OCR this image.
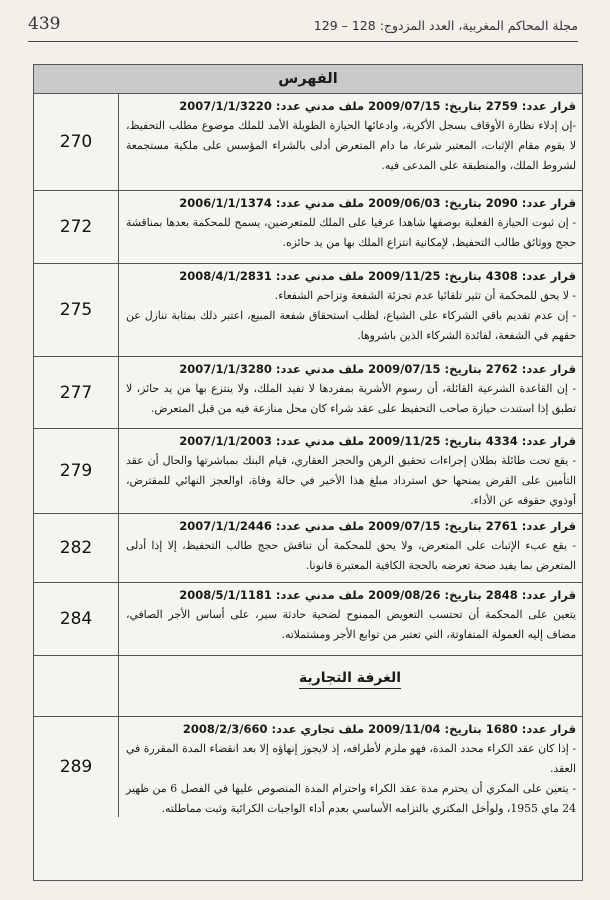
مجلة المحاكم المغربية، العدد المزدوج: 128 – 129
439
الفهرس
قرار عدد: 2759 بتاريخ: 2009/07/15 ملف مدني عدد: 2007/1/1/3220

-إن إدلاء نظارة الأوقاف بسجل الأكرية، وادعائها الحيازة الطويلة الأمد للملك موضوع مطلب التحفيظ، لا يقوم مقام الإثبات، المعتبر شرعا، ما دام المتعرض أدلى بالشراء المؤسس على ملكية مستجمعة لشروط الملك، والمنطبقة على المدعى فيه.

270
قرار عدد: 2090 بتاريخ: 2009/06/03 ملف مدني عدد: 2006/1/1/1374

- إن ثبوت الحيازة الفعلية بوصفها شاهدا عرفيا على الملك للمتعرضين، يسمح للمحكمة بعدها بمناقشة حجج ووثائق طالب التحفيظ، لإمكانية انتزاع الملك بها من يد حائزه.

272
قرار عدد: 4308 بتاريخ: 2009/11/25 ملف مدني عدد: 2008/4/1/2831

- لا يحق للمحكمة أن تثير تلقائيا عدم تجزئة الشفعة وتزاحم الشفعاء.

- إن عدم تقديم باقي الشركاء على الشياع، لطلب استحقاق شفعة المبيع، اعتبر ذلك بمثابة تنازل عن حقهم في الشفعة، لفائدة الشركاء الذين باشروها.

275
قرار عدد: 2762 بتاريخ: 2009/07/15 ملف مدني عدد: 2007/1/1/3280

- إن القاعدة الشرعية القائلة، أن رسوم الأشرية بمفردها لا تفيد الملك، ولا ينتزع بها من يد حائز، لا تطبق إذا استندت حيازة صاحب التحفيظ على عقد شراء كان محل منازعة فيه من قبل المتعرض.

277
قرار عدد: 4334 بتاريخ: 2009/11/25 ملف مدني عدد: 2007/1/1/2003

- يقع تحت طائلة بطلان إجراءات تحقيق الرهن والحجز العقاري، قيام البنك بمباشرتها والحال أن عقد التأمين على القرض يمنحها حق استرداد مبلغ هذا الأخير في حالة وفاة، اوالعجز النهائي للمقترض، أوذوي حقوقه عن الأداء.

279
قرار عدد: 2761 بتاريخ: 2009/07/15 ملف مدني عدد: 2007/1/1/2446

- يقع عبء الإثبات على المتعرض، ولا يحق للمحكمة أن تناقش حجج طالب التحفيظ، إلا إذا أدلى المتعرض بما يفيد صحة تعرضه بالحجة الكافية المعتبرة قانونا.

282
قرار عدد: 2848 بتاريخ: 2009/08/26 ملف مدني عدد: 2008/5/1/1181

يتعين على المحكمة أن تحتسب التعويض الممنوح لضحية حادثة سير، على أساس الأجر الصافي، مضاف إليه العمولة المتفاوتة، التي تعتبر من توابع الأجر ومشتملاته.

284
الغرفة التجارية
قرار عدد: 1680 بتاريخ: 2009/11/04 ملف تجاري عدد: 2008/2/3/660

- إذا كان عقد الكراء محدد المدة، فهو ملزم لأطرافه، إذ لايجوز إنهاؤه إلا بعد انقضاء المدة المقررة في العقد.

- يتعين على المكري أن يحترم مدة عقد الكراء واحترام المدة المنصوص عليها في الفصل 6 من ظهير 24 ماي 1955، ولوأخل المكتري بالتزامه الأساسي بعدم أداء الواجبات الكرائية وثبت مماطلته.

289
